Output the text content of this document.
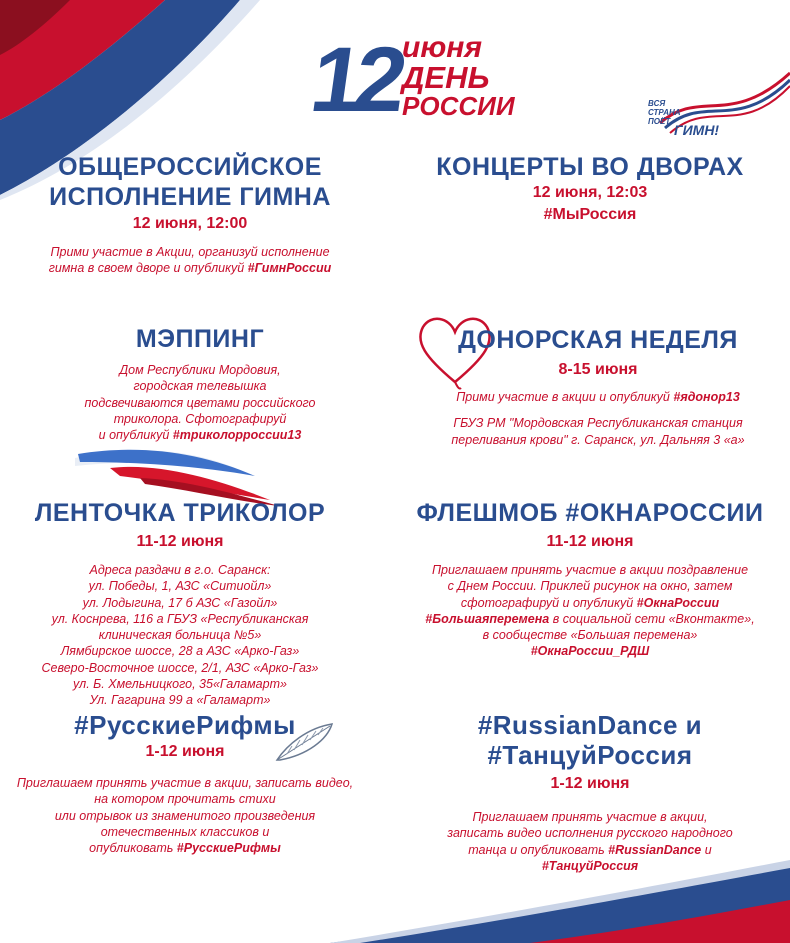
12
июня
ДЕНЬ
РОССИИ	ВСЯ
СТРАНА
ПОЁТ
ГИМН!
ОБЩЕРОССИЙСКОЕ
ИСПОЛНЕНИЕ ГИМНА
12 июня, 12:00
Прими участие в Акции, организуй исполнение
гимна в своем дворе и опубликуй #ГимнРоссии
КОНЦЕРТЫ ВО ДВОРАХ
12 июня, 12:03
#МыРоссия
МЭППИНГ
Дом Республики Мордовия,
городская телевышка
подсвечиваются цветами российского
триколора. Сфотографируй
и опубликуй #триколорроссии13
ДОНОРСКАЯ НЕДЕЛЯ
8-15 июня
Прими участие в акции и опубликуй #ядонор13
ГБУЗ РМ "Мордовская Республиканская станция
переливания крови" г. Саранск, ул. Дальняя 3 «а»
ЛЕНТОЧКА ТРИКОЛОР
11-12 июня
Адреса раздачи в г.о. Саранск:
ул. Победы, 1, АЗС «Ситиойл»
ул. Лодыгина, 17 б АЗС «Газойл»
ул. Коснрева, 116 а ГБУЗ «Республиканская
клиническая больница №5»
Лямбирское шоссе, 28 а АЗС «Арко-Газ»
Северо-Восточное шоссе, 2/1, АЗС «Арко-Газ»
ул. Б. Хмельницкого, 35«Галамарт»
Ул. Гагарина 99 а «Галамарт»
ФЛЕШМОБ #ОКНАРОССИИ
11-12 июня
Приглашаем принять участие в акции поздравление
с Днем России. Приклей рисунок на окно, затем
сфотографируй и опубликуй #ОкнаРоссии
#Большаяперемена в социальной сети «Вконтакте»,
в сообществе «Большая перемена»
#ОкнаРоссии_РДШ
#РусскиеРифмы
1-12 июня
Приглашаем принять участие в акции, записать видео,
на котором прочитать стихи
или отрывок из знаменитого произведения
отечественных классиков и
опубликовать #РусскиеРифмы
#RussianDance и
#ТанцуйРоссия
1-12 июня
Приглашаем принять участие в акции,
записать видео исполнения русского народного
танца и опубликовать #RussianDance и
#ТанцуйРоссия
